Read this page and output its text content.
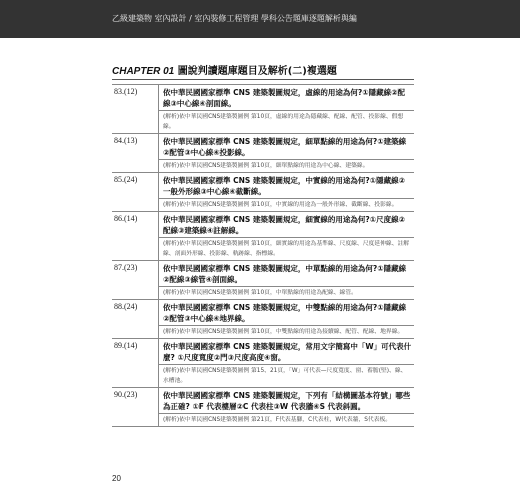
乙級建築物 室內設計 / 室內裝修工程管理 學科公告題庫逐題解析與編
CHAPTER 01 圖說判讀題庫題目及解析(二)複選題
83.(12)	依中華民國國家標準 CNS 建築製圖規定，虛線的用途為何?①隱藏線②配線③中心線④剖面線。
	(解析)依中華民國CNS建築製圖例 第10頁，虛線的用途為隱藏線、配線、配管、投影線、假想線。
84.(13)	依中華民國國家標準 CNS 建築製圖規定，細單點線的用途為何?①建築線②配管③中心線④投影線。
	(解析)依中華民國CNS建築製圖例 第10頁，細單點線的用途為中心線、建築線。
85.(24)	依中華民國國家標準 CNS 建築製圖規定，中實線的用途為何?①隱藏線②一般外形線③中心線④截斷線。
	(解析)依中華民國CNS建築製圖例 第10頁，中實線的用途為一般外形線、截斷線、投影線。
86.(14)	依中華民國國家標準 CNS 建築製圖規定，細實線的用途為何?①尺度線②配線③建築線④註解線。
	(解析)依中華民國CNS建築製圖例 第10頁，細實線的用途為基準線、尺度線、尺度延伸線、註解線、剖面外形線、投影線、軌跡線、指標線。
87.(23)	依中華民國國家標準 CNS 建築製圖規定，中單點線的用途為何?①隱藏線②配線③線管④剖面線。
	(解析)依中華民國CNS建築製圖例 第10頁，中單點線的用途為配線、線管。
88.(24)	依中華民國國家標準 CNS 建築製圖規定，中雙點線的用途為何?①隱藏線②配管③中心線④地界線。
	(解析)依中華民國CNS建築製圖例 第10頁，中雙點線的用途為接續線、配管、配線、地界線。
89.(14)	依中華民國國家標準 CNS 建築製圖規定，常用文字簡寫中「W」可代表什麼? ①尺度寬度②門③尺度高度④窗。
	(解析)依中華民國CNS建築製圖例 第15、21頁，「W」可代表—尺度寬度、窗、蓄膽(堅)、線、水槽池。
90.(23)	依中華民國國家標準 CNS 建築製圖規定，下列有「結構圖基本符號」哪些為正確? ①F 代表樓層②C 代表柱③W 代表牆④S 代表斜圓。
	(解析)依中華民國CNS建築製圖例 第21頁，F代表基腳，C代表柱，W代表牆，S代表板。
20
